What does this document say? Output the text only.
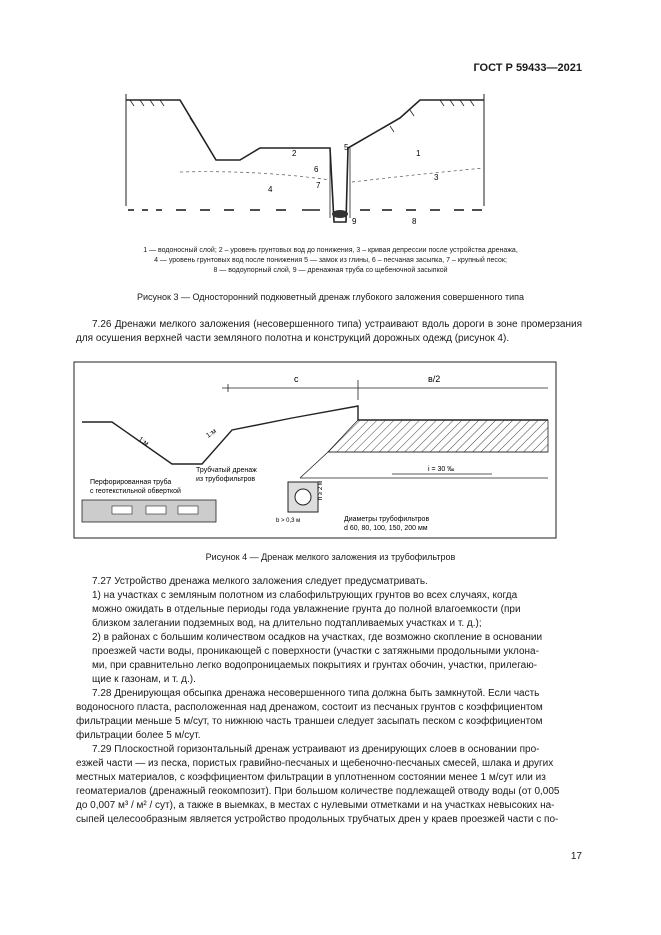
ГОСТ Р 59433—2021
1
2
3
4
5
6
7
8
9
1 — водоносный слой; 2 – уровень грунтовых вод до понижения, 3 – кривая депрессии после устройства дренажа,
4 — уровень грунтовых вод после понижения 5 — замок из глины, 6 – песчаная засыпка, 7 – крупный песок;
8 — водоупорный слой, 9 — дренажная труба со щебеночной засыпкой
Рисунок 3 — Односторонний подкюветный дренаж глубокого заложения совершенного типа
7.26 Дренажи мелкого заложения (несовершенного типа) устраивают вдоль дороги в зоне промерзания для осушения верхней части земляного полотна и конструкций дорожных одежд (рисунок 4).
с	в/2
1:м
1:м
i = 30 ‰
Трубчатый дренаж
из трубофильтров
Перфорированная труба
с геотекстильной обверткой	h ≥ 2 м
b > 0,3 м	Диаметры трубофильтров
d 60, 80, 100, 150, 200 мм
Рисунок 4 — Дренаж мелкого заложения из трубофильтров
7.27 Устройство дренажа мелкого заложения следует предусматривать.
1) на участках с земляным полотном из слабофильтрующих грунтов во всех случаях, когда
можно ожидать в отдельные периоды года увлажнение грунта до полной влагоемкости (при
близком залегании подземных вод, на длительно подтапливаемых участках и т. д.);
2) в районах с большим количеством осадков на участках, где возможно скопление в основании
проезжей части воды, проникающей с поверхности (участки с затяжными продольными уклона-
ми, при сравнительно легко водопроницаемых покрытиях и грунтах обочин, участки, прилегаю-
щие к газонам, и т. д.).
7.28 Дренирующая обсыпка дренажа несовершенного типа должна быть замкнутой. Если часть
водоносного пласта, расположенная над дренажом, состоит из песчаных грунтов с коэффициентом
фильтрации меньше 5 м/сут, то нижнюю часть траншеи следует засыпать песком с коэффициентом
фильтрации более 5 м/сут.
7.29 Плоскостной горизонтальный дренаж устраивают из дренирующих слоев в основании про-
езжей части — из песка, пористых гравийно-песчаных и щебеночно-песчаных смесей, шлака и других
местных материалов, с коэффициентом фильтрации в уплотненном состоянии менее 1 м/сут или из
геоматериалов (дренажный геокомпозит). При большом количестве подлежащей отводу воды (от 0,005
до 0,007 м³ / м² / сут), а также в выемках, в местах с нулевыми отметками и на участках невысоких на-
сыпей целесообразным является устройство продольных трубчатых дрен у краев проезжей части с по-
17
